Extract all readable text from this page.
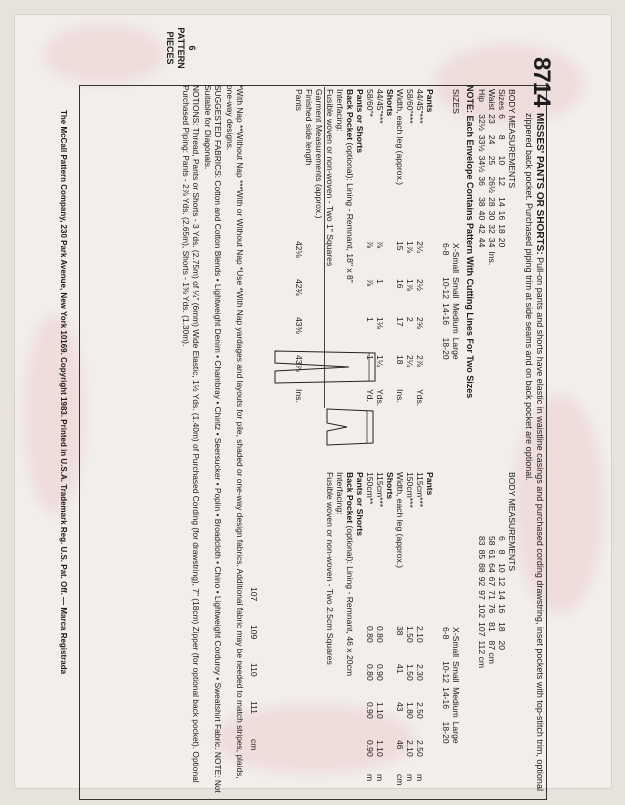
8714
MISSES' PANTS OR SHORTS: Pull-on pants and shorts have elastic in waistline casings and purchased cording drawstring, inset pockets with top-stitch trim, optional zippered back pocket. Purchased piping trim at side seams and on back pocket are optional.
BODY MEASUREMENTS									
Sizes	6	8	10	12	14	16	18	20	
Waist	23	24	25	26½	28	30	32	34	Ins.
Hip	32½	33½	34½	36	38	40	42	44	
BODY MEASUREMENTS								
	6	8	10	12	14	16	18	20
	58	61	64	67	71	76	81	87 cm
	83	85	88	92	97	102	107	112 cm
NOTE: Each Envelope Contains Pattern With Cutting Lines For Two Sizes
SIZES	X-Small	Small	Medium	Large
	6-8	10-12	14-16	18-20
X-Small	Small	Medium	Large
6-8	10-12	14-16	18-20
Pants					
44/45"***	2¼	2½	2⅝	2⅞	Yds.
58/60"***	1⅞	1⅞	2	2¼	
Width, each leg (approx.)	15	16	17	18	Ins.
Shorts					
44/45"***	⅞	1	1⅛	1¼	Yds.
58/60"*	⅞	⅞	1	1	Yd.
Pants or Shorts					
Back Pocket (optional): Lining - Remnant, 18" x 8"					
Interfacing:					
Fusible woven or non-woven - Two 1" Squares					
Garment Measurements (approx.)					
Finished side length					
Pants	42⅛	42¾	43⅜	43⅞	Ins.
Pants					
115cm***	2.10	2.30	2.50	2.50	m
150cm***	1.50	1.50	1.80	2.10	m
Width, each leg (approx.)	38	41	43	46	cm
Shorts					
115cm***	0.80	0.90	1.10	1.10	m
150cm**	0.80	0.80	0.90	0.90	m
Pants or Shorts					
Back Pocket (optional): Lining - Remnant, 46 x 20cm					
Interfacing:					
Fusible woven or non-woven - Two 2.5cm Squares					
107	109	110	111	cm
*With Nap **Without Nap ***With or Without Nap *Use *With Nap yardages and layouts for pile, shaded or one-way design fabrics. Additional fabric may be needed to match stripes, plaids, one-way designs.
SUGGESTED FABRICS: Cotton and Cotton Blends • Lightweight Denim • Chambray • Chintz • Seersucker • Poplin • Broadcloth • Chino • Lightweight Corduroy • Sweatshirt Fabric. NOTE: Not Suitable for Diagonals.
NOTIONS: Thread, Pants or Shorts - 3 Yds. (2.75m) of ¼" (6mm) Wide Elastic, 1½ Yds. (1.40m) of Purchased Cording (for drawstring), 7" (18cm) Zipper (for optional back pocket). Optional Purchased Piping: Pants - 2⅞ Yds. (2.65m), Shorts - 1⅜ Yds. (1.30m).
6
PATTERN PIECES
The McCall Pattern Company, 230 Park Avenue, New York 10169. Copyright 1983. Printed in U.S.A. Trademark Reg. U.S. Pat. Off. — Marca Registrada
